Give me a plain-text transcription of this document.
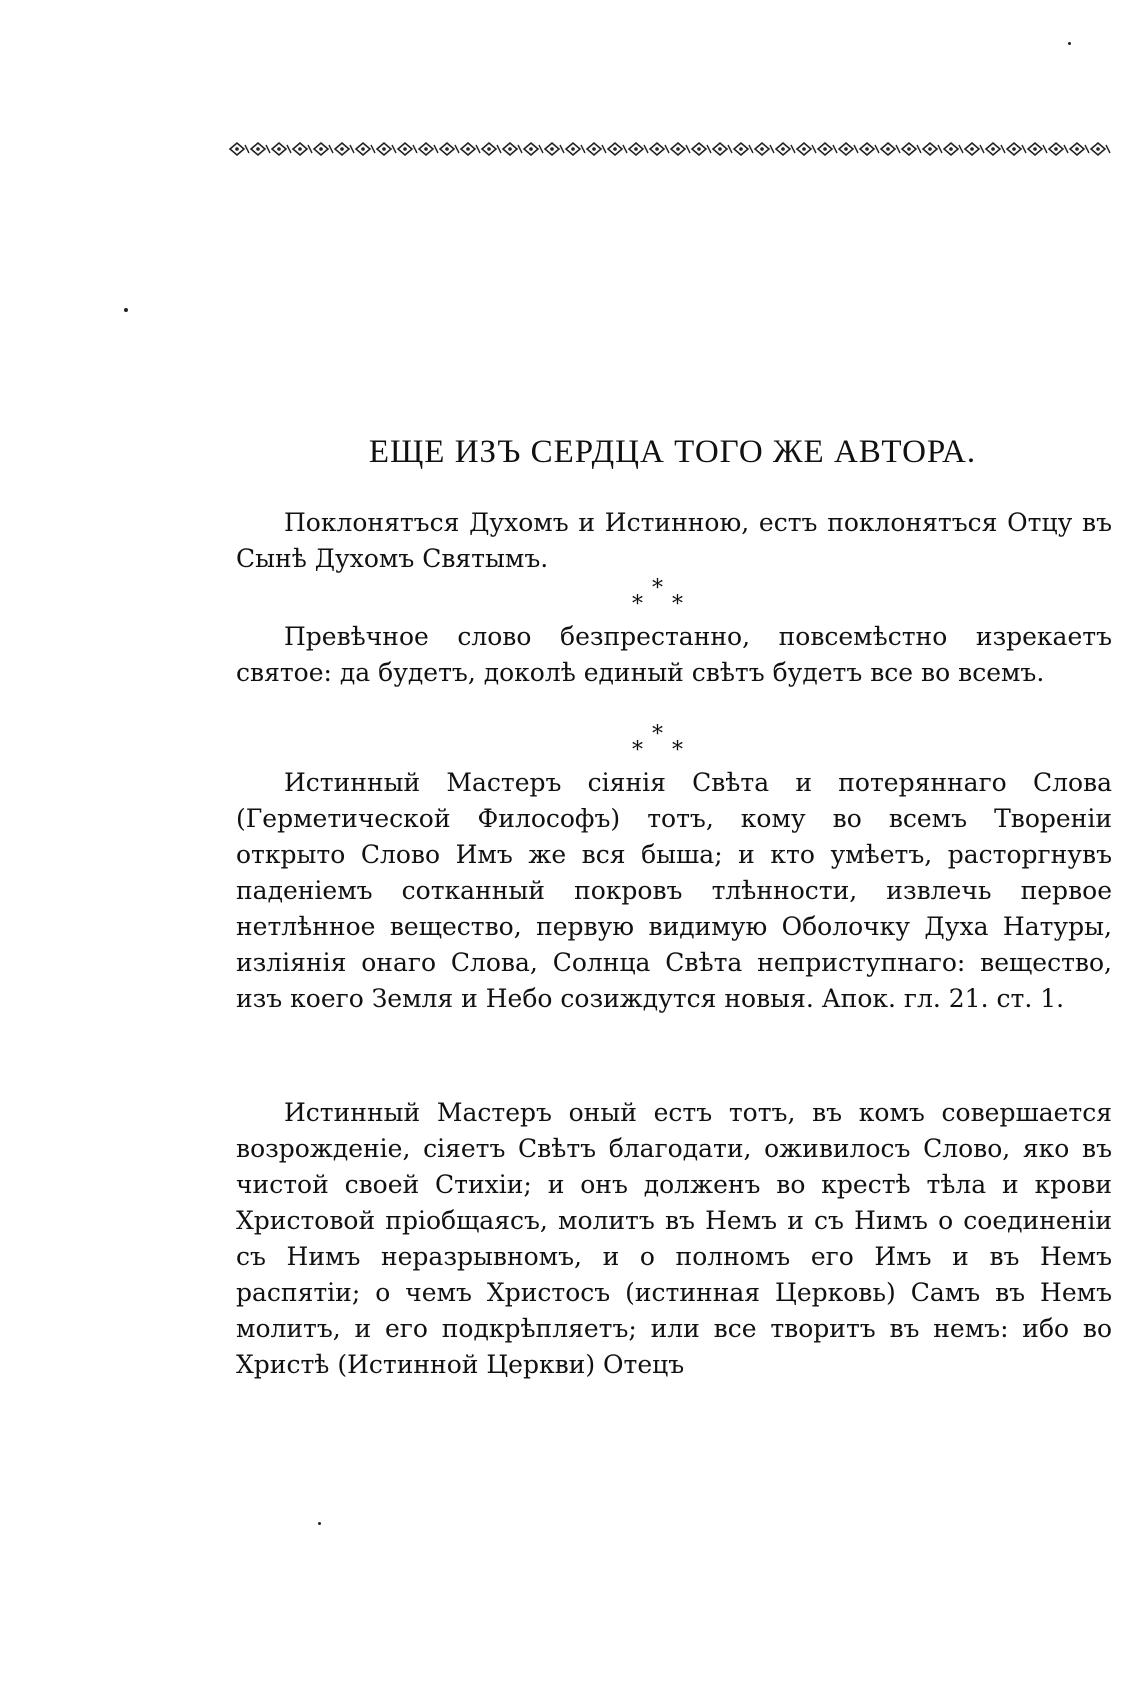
ЕЩЕ ИЗЪ СЕРДЦА ТОГО ЖЕ АВТОРА.

Поклонятъся Духомъ и Истинною, естъ поклонятъся Отцу въ Сынѣ Духомъ Святымъ.

*
* *

Превѣчное слово безпрестанно, повсемѣстно изрекаетъ святое: да будетъ, доколѣ единый свѣтъ будетъ все во всемъ.

*
* *

Истинный Мастеръ сiянiя Свѣта и потеряннаго Слова (Герметической Философъ) тотъ, кому во всемъ Творенiи открыто Слово Имъ же вся быша; и кто умѣетъ, расторгнувъ паденiемъ сотканный покровъ тлѣнности, извлечь первое нетлѣнное вещество, первую видимую Оболочку Духа Натуры, излiянiя онаго Слова, Солнца Свѣта неприступнаго: вещество, изъ коего Земля и Небо созиждутся новыя. Апок. гл. 21. ст. 1.

Истинный Мастеръ оный естъ тотъ, въ комъ совершается возрожденiе, сiяетъ Свѣтъ благодати, оживилосъ Слово, яко въ чистой своей Стихiи; и онъ долженъ во крестѣ тѣла и крови Христовой прiобщаясъ, молитъ въ Немъ и съ Нимъ о соединенiи съ Нимъ неразрывномъ, и о полномъ его Имъ и въ Немъ распятiи; о чемъ Христосъ (истинная Церковь) Самъ въ Немъ молитъ, и его подкрѣпляетъ; или все творитъ въ немъ: ибо во Христѣ (Истинной Церкви) Отецъ
